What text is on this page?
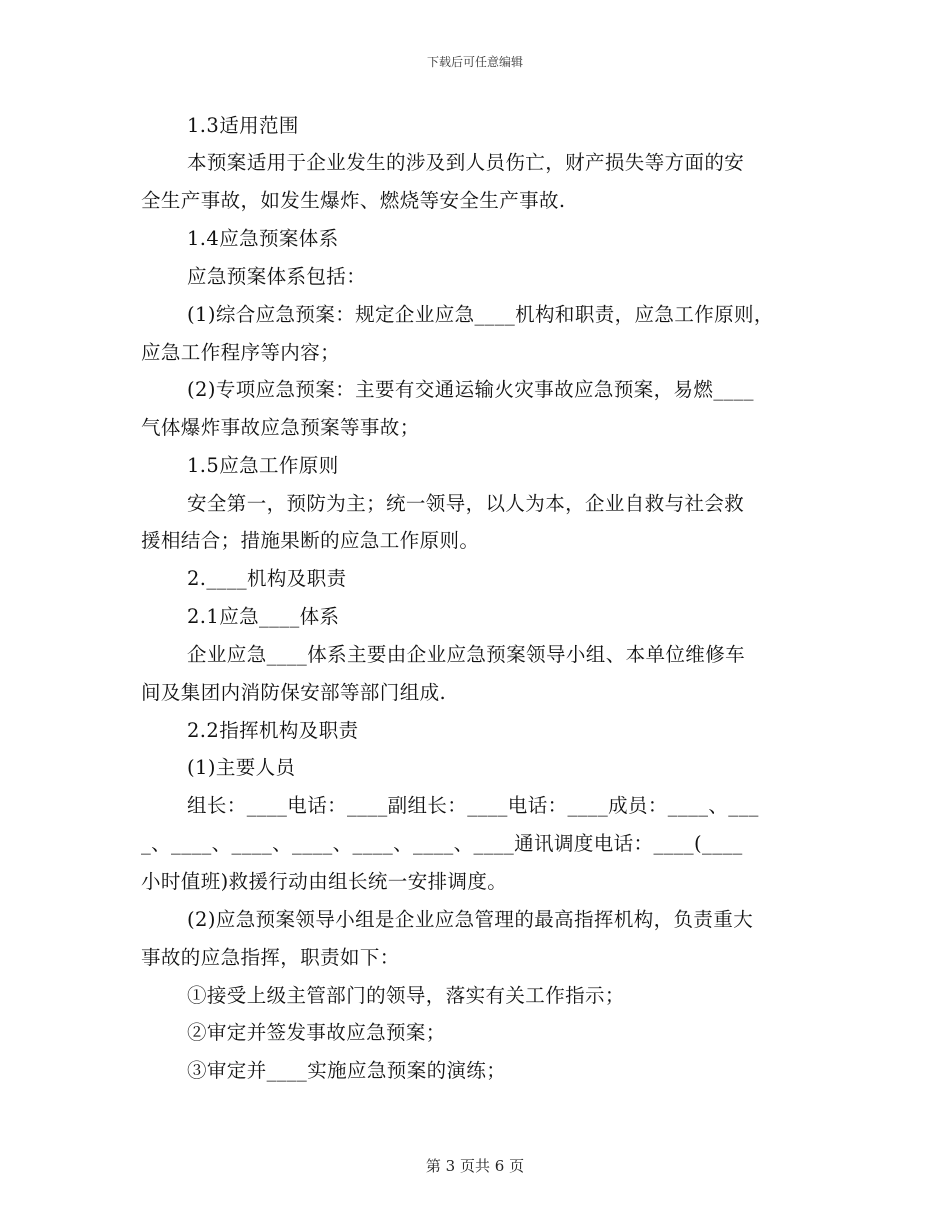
下载后可任意编辑
1.3适用范围
本预案适用于企业发生的涉及到人员伤亡，财产损失等方面的安
全生产事故，如发生爆炸、燃烧等安全生产事故.
1.4应急预案体系
应急预案体系包括：
(1)综合应急预案：规定企业应急____机构和职责，应急工作原则，
应急工作程序等内容；
(2)专项应急预案：主要有交通运输火灾事故应急预案，易燃____
气体爆炸事故应急预案等事故；
1.5应急工作原则
安全第一，预防为主；统一领导，以人为本，企业自救与社会救
援相结合；措施果断的应急工作原则。
2.____机构及职责
2.1应急____体系
企业应急____体系主要由企业应急预案领导小组、本单位维修车
间及集团内消防保安部等部门组成.
2.2指挥机构及职责
(1)主要人员
组长：____电话：____副组长：____电话：____成员：____、___
_、____、____、____、____、____、____通讯调度电话：____(____
小时值班)救援行动由组长统一安排调度。
(2)应急预案领导小组是企业应急管理的最高指挥机构，负责重大
事故的应急指挥，职责如下：
①接受上级主管部门的领导，落实有关工作指示；
②审定并签发事故应急预案；
③审定并____实施应急预案的演练；
第 3 页共 6 页
